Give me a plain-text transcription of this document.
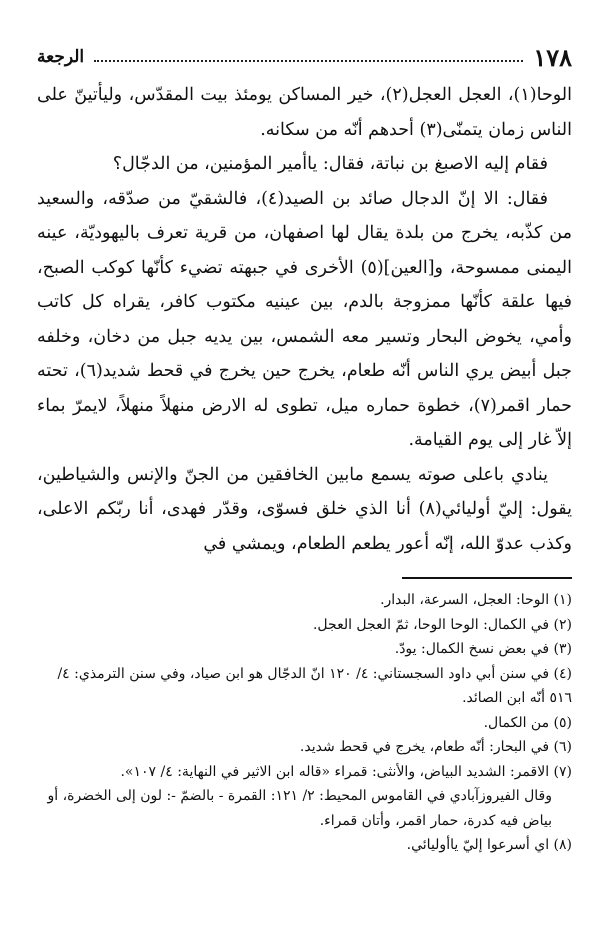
١٧٨
الرجعة

الوحا(١)، العجل العجل(٢)، خير المساكن يومئذ بيت المقدّس، وليأتينّ على الناس زمان يتمنّى(٣) أحدهم أنّه من سكانه.

فقام إليه الاصبغ بن نباتة، فقال: ياأمير المؤمنين، من الدجّال؟

فقال: الا إنّ الدجال صائد بن الصيد(٤)، فالشقيّ من صدّقه، والسعيد من كذّبه، يخرج من بلدة يقال لها اصفهان، من قرية تعرف باليهوديّة، عينه اليمنى ممسوحة، و[العين](٥) الأخرى في جبهته تضيء كأنّها كوكب الصبح، فيها علقة كأنّها ممزوجة بالدم، بين عينيه مكتوب كافر، يقراه كل كاتب وأمي، يخوض البحار وتسير معه الشمس، بين يديه جبل من دخان، وخلفه جبل أبيض يري الناس أنّه طعام، يخرج حين يخرج في قحط شديد(٦)، تحته حمار اقمر(٧)، خطوة حماره ميل، تطوى له الارض منهلاً منهلاً، لايمرّ بماء إلاّ غار إلى يوم القيامة.

ينادي باعلى صوته يسمع مابين الخافقين من الجنّ والإنس والشياطين، يقول: إليّ أوليائي(٨) أنا الذي خلق فسوّى، وقدّر فهدى، أنا ربّكم الاعلى، وكذب عدوّ الله، إنّه أعور يطعم الطعام، ويمشي في

(١) الوحا: العجل، السرعة، البدار.

(٢) في الكمال: الوحا الوحا، ثمّ العجل العجل.

(٣) في بعض نسخ الكمال: يودّ.

(٤) في سنن أبي داود السجستاني: ٤/ ١٢٠ انّ الدجّال هو ابن صياد، وفي سنن الترمذي: ٤/ ٥١٦ أنّه ابن الصائد.

(٥) من الكمال.

(٦) في البحار: أنّه طعام، يخرج في قحط شديد.

(٧) الاقمر: الشديد البياض، والأنثى: قمراء «قاله ابن الاثير في النهاية: ٤/ ١٠٧».

وقال الفيروزآبادي في القاموس المحيط: ٢/ ١٢١: القمرة - بالضمّ -: لون إلى الخضرة، أو بياض فيه كدرة، حمار اقمر، وأتان قمراء.

(٨) اي أسرعوا إليّ ياأوليائي.
